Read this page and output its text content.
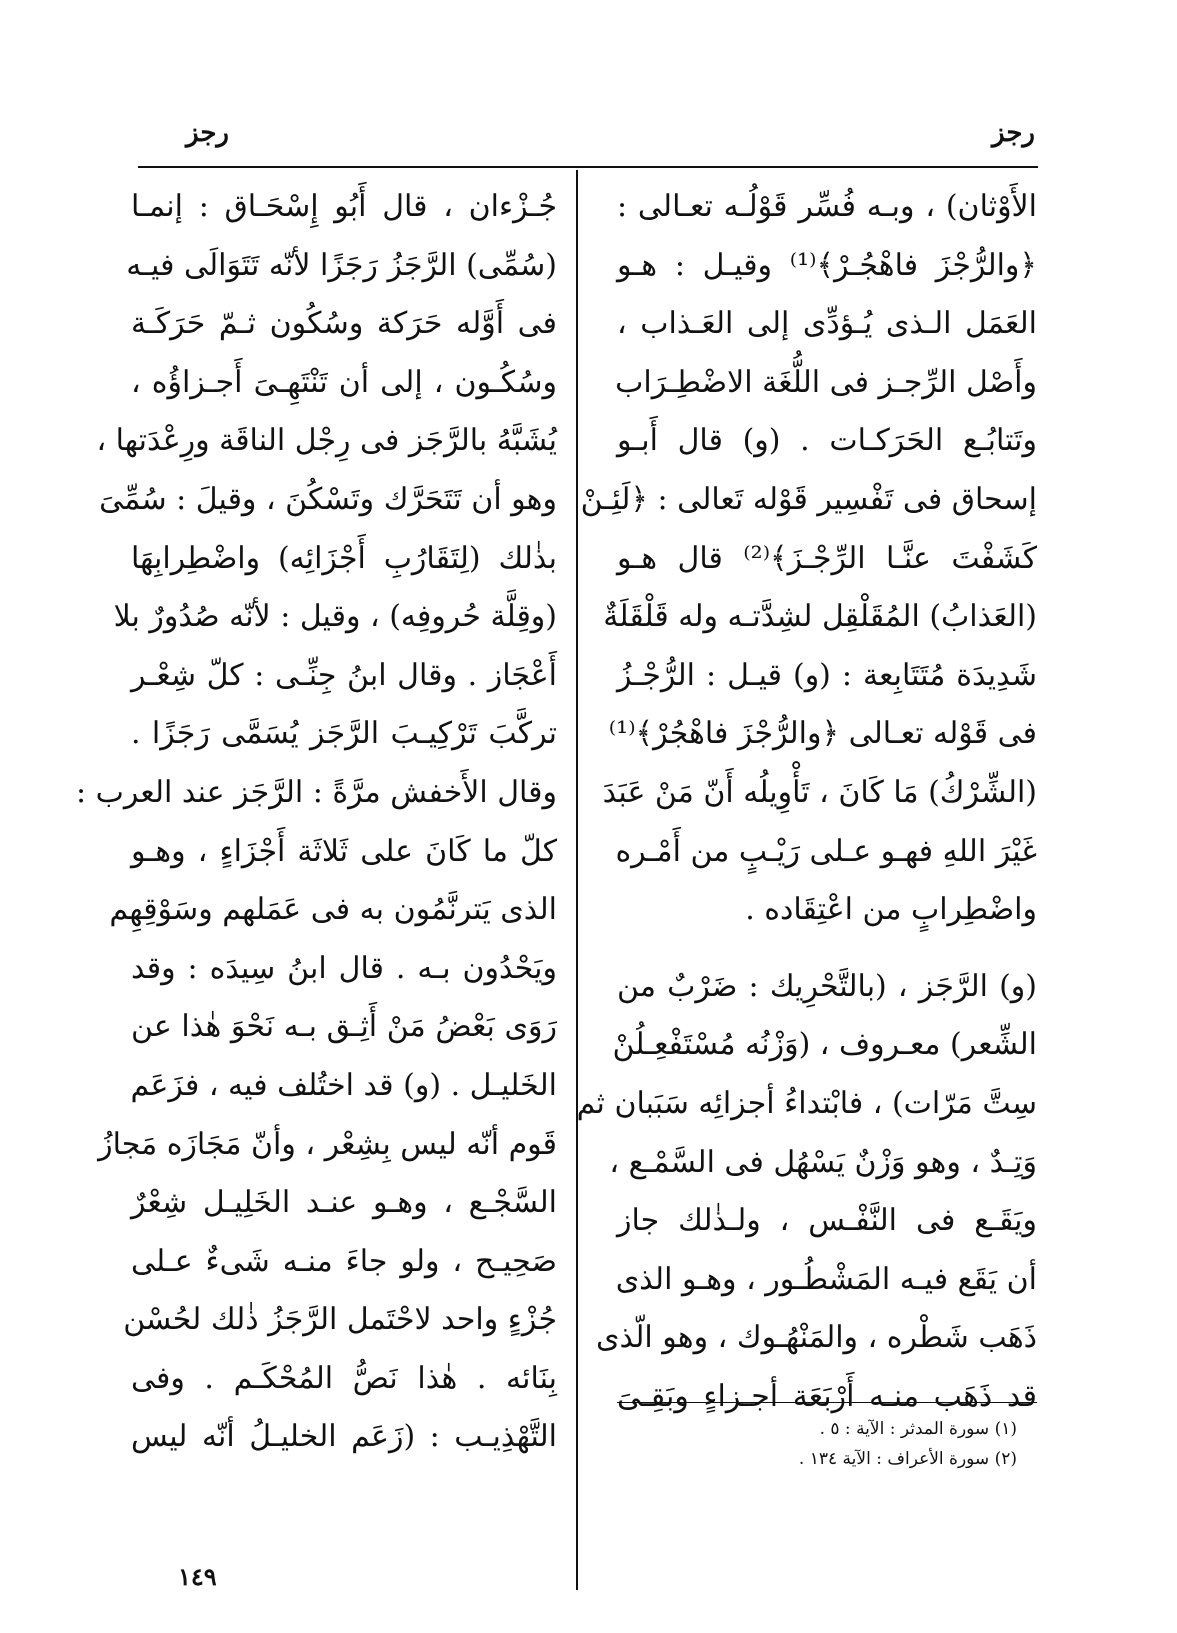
رجز
رجز
الأَوْثان) ، وبـه فُسِّر قَوْلُـه تعـالى :
﴿والرُّجْزَ فاهْجُـرْ﴾⁽¹⁾ وقيـل : هـو
العَمَل الـذى يُـؤدِّى إلى العَـذاب ،
وأَصْل الرِّجـز فى اللُّغَة الاضْطِـرَاب
وتَتابُـع الحَرَكـات . (و) قال أَبـو
إسحاق فى تَفْسِير قَوْله تَعالى : ﴿لَئِـنْ
كَشَفْتَ عنَّـا الرِّجْـزَ﴾⁽²⁾ قال هـو
(العَذابُ) المُقَلْقِل لشِدَّتـه وله قَلْقَلَةٌ
شَدِيدَة مُتَتَابِعة : (و) قيـل : الرُّجْـزُ
فى قَوْله تعـالى ﴿والرُّجْزَ فاهْجُرْ﴾⁽¹⁾
(الشِّرْكُ) مَا كَانَ ، تَأْوِيلُه أَنّ مَنْ عَبَدَ
غَيْرَ اللهِ فهـو عـلى رَيْـبٍ من أَمْـره
واضْطِرابٍ من اعْتِقَاده .
(و) الرَّجَز ، (بالتَّحْرِيك : ضَرْبٌ من
الشِّعر) معـروف ، (وَزْنُه مُسْتَفْعِـلُنْ
سِتَّ مَرّات) ، فابْتداءُ أجزائِه سَبَبان ثم
وَتِـدٌ ، وهو وَزْنٌ يَسْهُل فى السَّمْـع ،
ويَقَـع فى النَّفْـس ، ولـذٰلك جاز
أن يَقَع فيـه المَشْطُـور ، وهـو الذى
ذَهَب شَطْره ، والمَنْهُـوك ، وهو الّذى
قد ذَهَب منـه أَرْبَعَة أجـزاءٍ وبَقِـىَ
جُـزْءان ، قال أَبُو إِسْحَـاق : إنمـا
(سُمِّى) الرَّجَزُ رَجَزًا لأنّه تَتَوَالَى فيـه
فى أَوَّله حَرَكة وسُكُون ثـمّ حَرَكَـة
وسُكُـون ، إلى أن تَنْتَهِـىَ أَجـزاؤُه ،
يُشَبَّهُ بالرَّجَز فى رِجْل الناقَة ورِعْدَتها ،
وهو أن تَتَحَرَّك وتَسْكُنَ ، وقيلَ : سُمِّىَ
بذٰلك (لِتَقَارُبِ أَجْزَائِه) واضْطِرابِهَا
(وقِلَّة حُروفِه) ، وقيل : لأنّه صُدُورٌ بلا
أَعْجَاز . وقال ابنُ جِنِّـى : كلّ شِعْـر
تركَّبَ تَرْكِيـبَ الرَّجَز يُسَمَّى رَجَزًا .
وقال الأَخفش مرَّةً : الرَّجَز عند العرب :
كلّ ما كَانَ على ثَلاثَة أَجْزَاءٍ ، وهـو
الذى يَترنَّمُون به فى عَمَلهم وسَوْقِهِم
ويَحْدُون بـه . قال ابنُ سِيدَه : وقد
رَوَى بَعْضُ مَنْ أَثِـق بـه نَحْوَ هٰذا عن
الخَليـل . (و) قد اختُلف فيه ، فزَعَم
قَوم أنّه ليس بِشِعْر ، وأنّ مَجَازَه مَجازُ
السَّجْـع ، وهـو عنـد الخَلِيـل شِعْرٌ
صَحِيـح ، ولو جاءَ منـه شَىءٌ عـلى
جُزْءٍ واحد لاحْتَمل الرَّجَزُ ذٰلك لحُسْن
بِنَائه . هٰذا نَصُّ المُحْكَـم . وفى
التَّهْذِيـب : (زَعَم الخليـلُ أنّه ليس	(١) سورة المدثر : الآية : ٥ .
(٢) سورة الأعراف : الآية ١٣٤ .
١٤٩
